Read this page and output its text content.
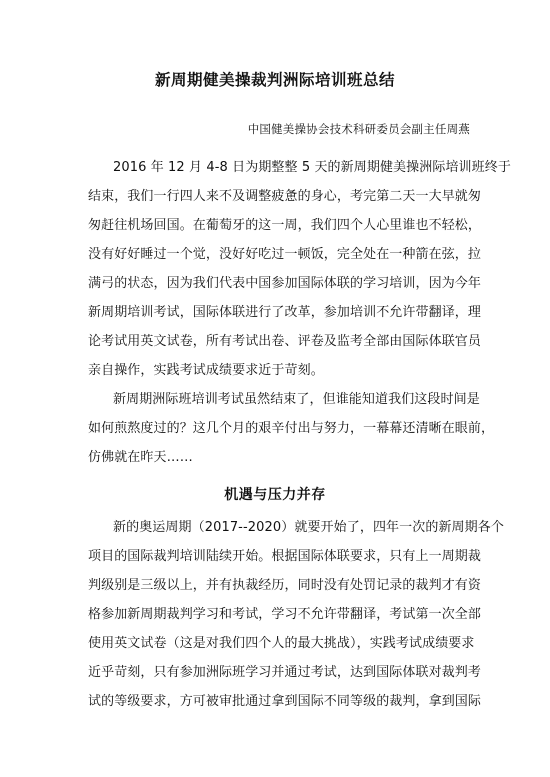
新周期健美操裁判洲际培训班总结
中国健美操协会技术科研委员会副主任周燕
2016 年 12 月 4-8 日为期整整 5 天的新周期健美操洲际培训班终于
结束，我们一行四人来不及调整疲惫的身心，考完第二天一大早就匆
匆赶往机场回国。在葡萄牙的这一周，我们四个人心里谁也不轻松，
没有好好睡过一个觉，没好好吃过一顿饭，完全处在一种箭在弦，拉
满弓的状态，因为我们代表中国参加国际体联的学习培训，因为今年
新周期培训考试，国际体联进行了改革，参加培训不允许带翻译，理
论考试用英文试卷，所有考试出卷、评卷及监考全部由国际体联官员
亲自操作，实践考试成绩要求近于苛刻。
新周期洲际班培训考试虽然结束了，但谁能知道我们这段时间是
如何煎熬度过的？这几个月的艰辛付出与努力，一幕幕还清晰在眼前，
仿佛就在昨天……
机遇与压力并存
新的奥运周期（2017--2020）就要开始了，四年一次的新周期各个
项目的国际裁判培训陆续开始。根据国际体联要求，只有上一周期裁
判级别是三级以上，并有执裁经历，同时没有处罚记录的裁判才有资
格参加新周期裁判学习和考试，学习不允许带翻译，考试第一次全部
使用英文试卷（这是对我们四个人的最大挑战），实践考试成绩要求
近乎苛刻，只有参加洲际班学习并通过考试，达到国际体联对裁判考
试的等级要求，方可被审批通过拿到国际不同等级的裁判，拿到国际
